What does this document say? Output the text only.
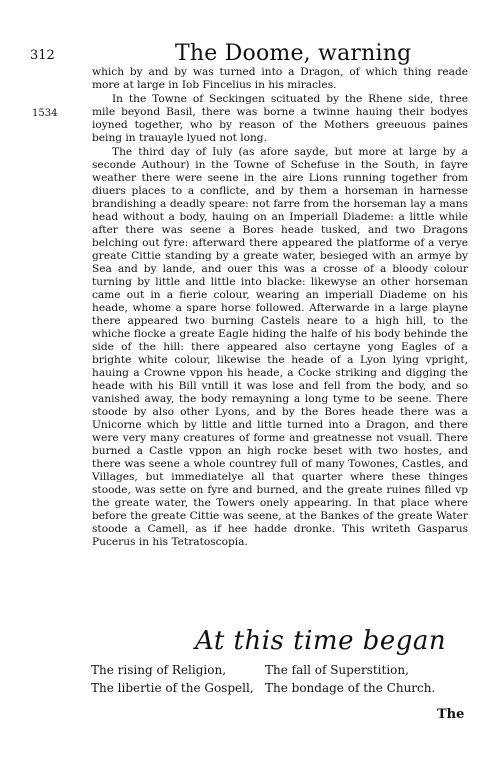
312	The Doome, warning
1534

which by and by was turned into a Dragon, of which thing reade more at large in Iob Fincelius in his miracles.

In the Towne of Seckingen scituated by the Rhene side, three mile beyond Basil, there was borne a twinne hauing their bodyes ioyned together, who by reason of the Mothers greeuous paines being in trauayle lyued not long.

The third day of Iuly (as afore sayde, but more at large by a seconde Authour) in the Towne of Schefuse in the South, in fayre weather there were seene in the aire Lions running together from diuers places to a conflicte, and by them a horseman in harnesse brandishing a deadly speare: not farre from the horseman lay a mans head without a body, hauing on an Imperiall Diademe: a little while after there was seene a Bores heade tusked, and two Dragons belching out fyre: afterward there appeared the platforme of a verye greate Cittie standing by a greate water, besieged with an armye by Sea and by lande, and ouer this was a crosse of a bloody colour turning by little and little into blacke: likewyse an other horseman came out in a fierie colour, wearing an imperiall Diademe on his heade, whome a spare horse followed. Afterwarde in a large playne there appeared two burning Castels neare to a high hill, to the whiche flocke a greate Eagle hiding the halfe of his body behinde the side of the hill: there appeared also certayne yong Eagles of a brighte white colour, likewise the heade of a Lyon lying vpright, hauing a Crowne vppon his heade, a Cocke striking and digging the heade with his Bill vntill it was lose and fell from the body, and so vanished away, the body remayning a long tyme to be seene. There stoode by also other Lyons, and by the Bores heade there was a Unicorne which by little and little turned into a Dragon, and there were very many creatures of forme and greatnesse not vsuall. There burned a Castle vppon an high rocke beset with two hostes, and there was seene a whole countrey full of many Towones, Castles, and Villages, but immediatelye all that quarter where these thinges stoode, was sette on fyre and burned, and the greate ruines filled vp the greate water, the Towers onely appearing. In that place where before the greate Cittie was seene, at the Bankes of the greate Water stoode a Camell, as if hee hadde dronke. This writeth Gasparus Pucerus in his Tetratoscopia.

At this time began
The rising of Religion,
The libertie of the Gospell,
The fall of Superstition,
The bondage of the Church.
The
